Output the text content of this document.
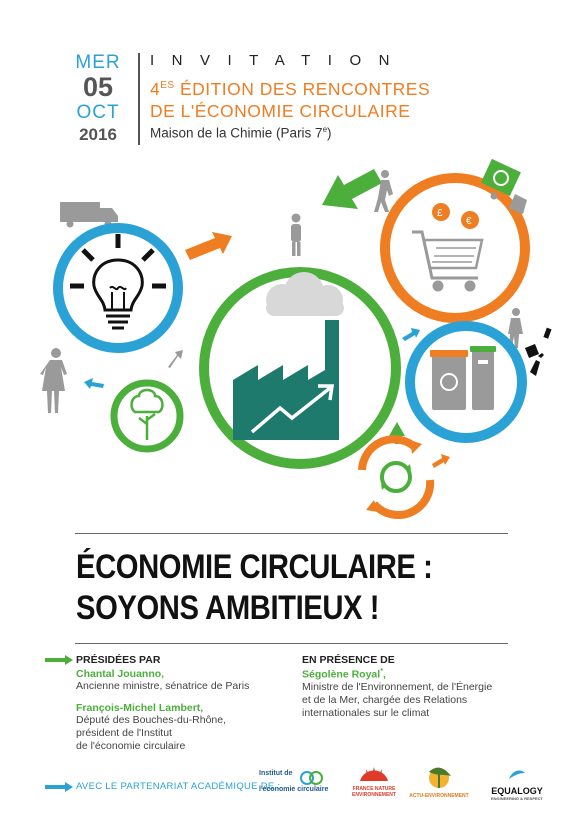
MER
05
OCT
2016
INVITATION
$4^{ES}$ ÉDITION DES RENCONTRES
DE L'ÉCONOMIE CIRCULAIRE
Maison de la Chimie (Paris 7e)
£
€
ÉCONOMIE CIRCULAIRE :
SOYONS AMBITIEUX !
PRÉSIDÉES PAR
Chantal Jouanno,
Ancienne ministre, sénatrice de Paris
François-Michel Lambert,
Député des Bouches-du-Rhône,
président de l'Institut
de l'économie circulaire
EN PRÉSENCE DE
Ségolène Royal*,
Ministre de l'Environnement, de l'Énergie
et de la Mer, chargée des Relations
internationales sur le climat
AVEC LE PARTENARIAT ACADÉMIQUE DE :
Institut de
l'économie circulaire	FRANCE NATURE
ENVIRONNEMENT	ACTU-ENVIRONNEMENT	EQUALOGY
ENGINEERING & RESPECT
